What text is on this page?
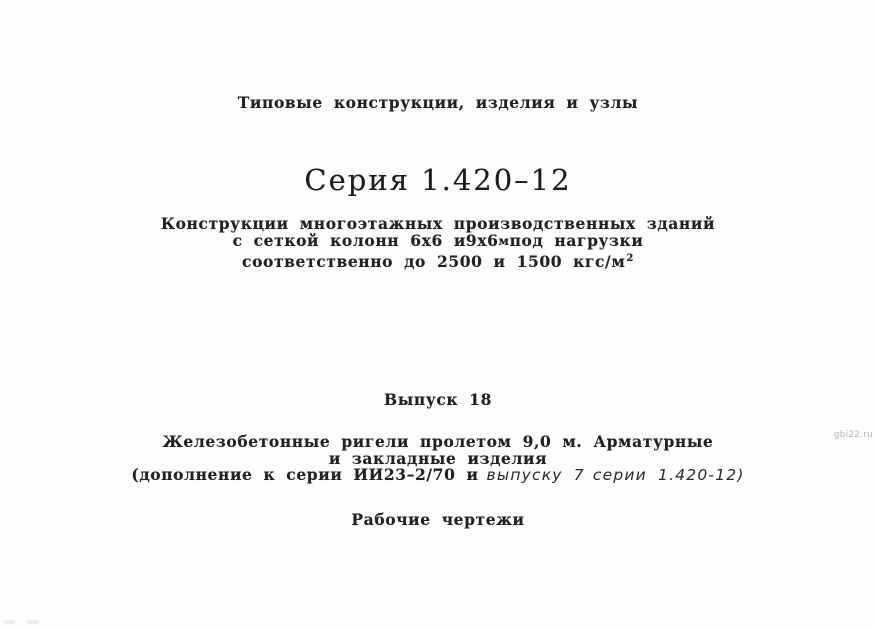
Типовые конструкции, изделия и узлы
Серия 1.420–12
Конструкции многоэтажных производственных зданий
с сеткой колонн 6х6 и9х6мпод нагрузки
соответственно до 2500 и 1500 кгс/$м^2$
Выпуск 18
Железобетонные ригели пролетом 9,0 м. Арматурные
и закладные изделия
(дополнение к серии ИИ23–2/70 и выпуску 7 серии 1.420-12)
Рабочие чертежи
gbi22.ru
